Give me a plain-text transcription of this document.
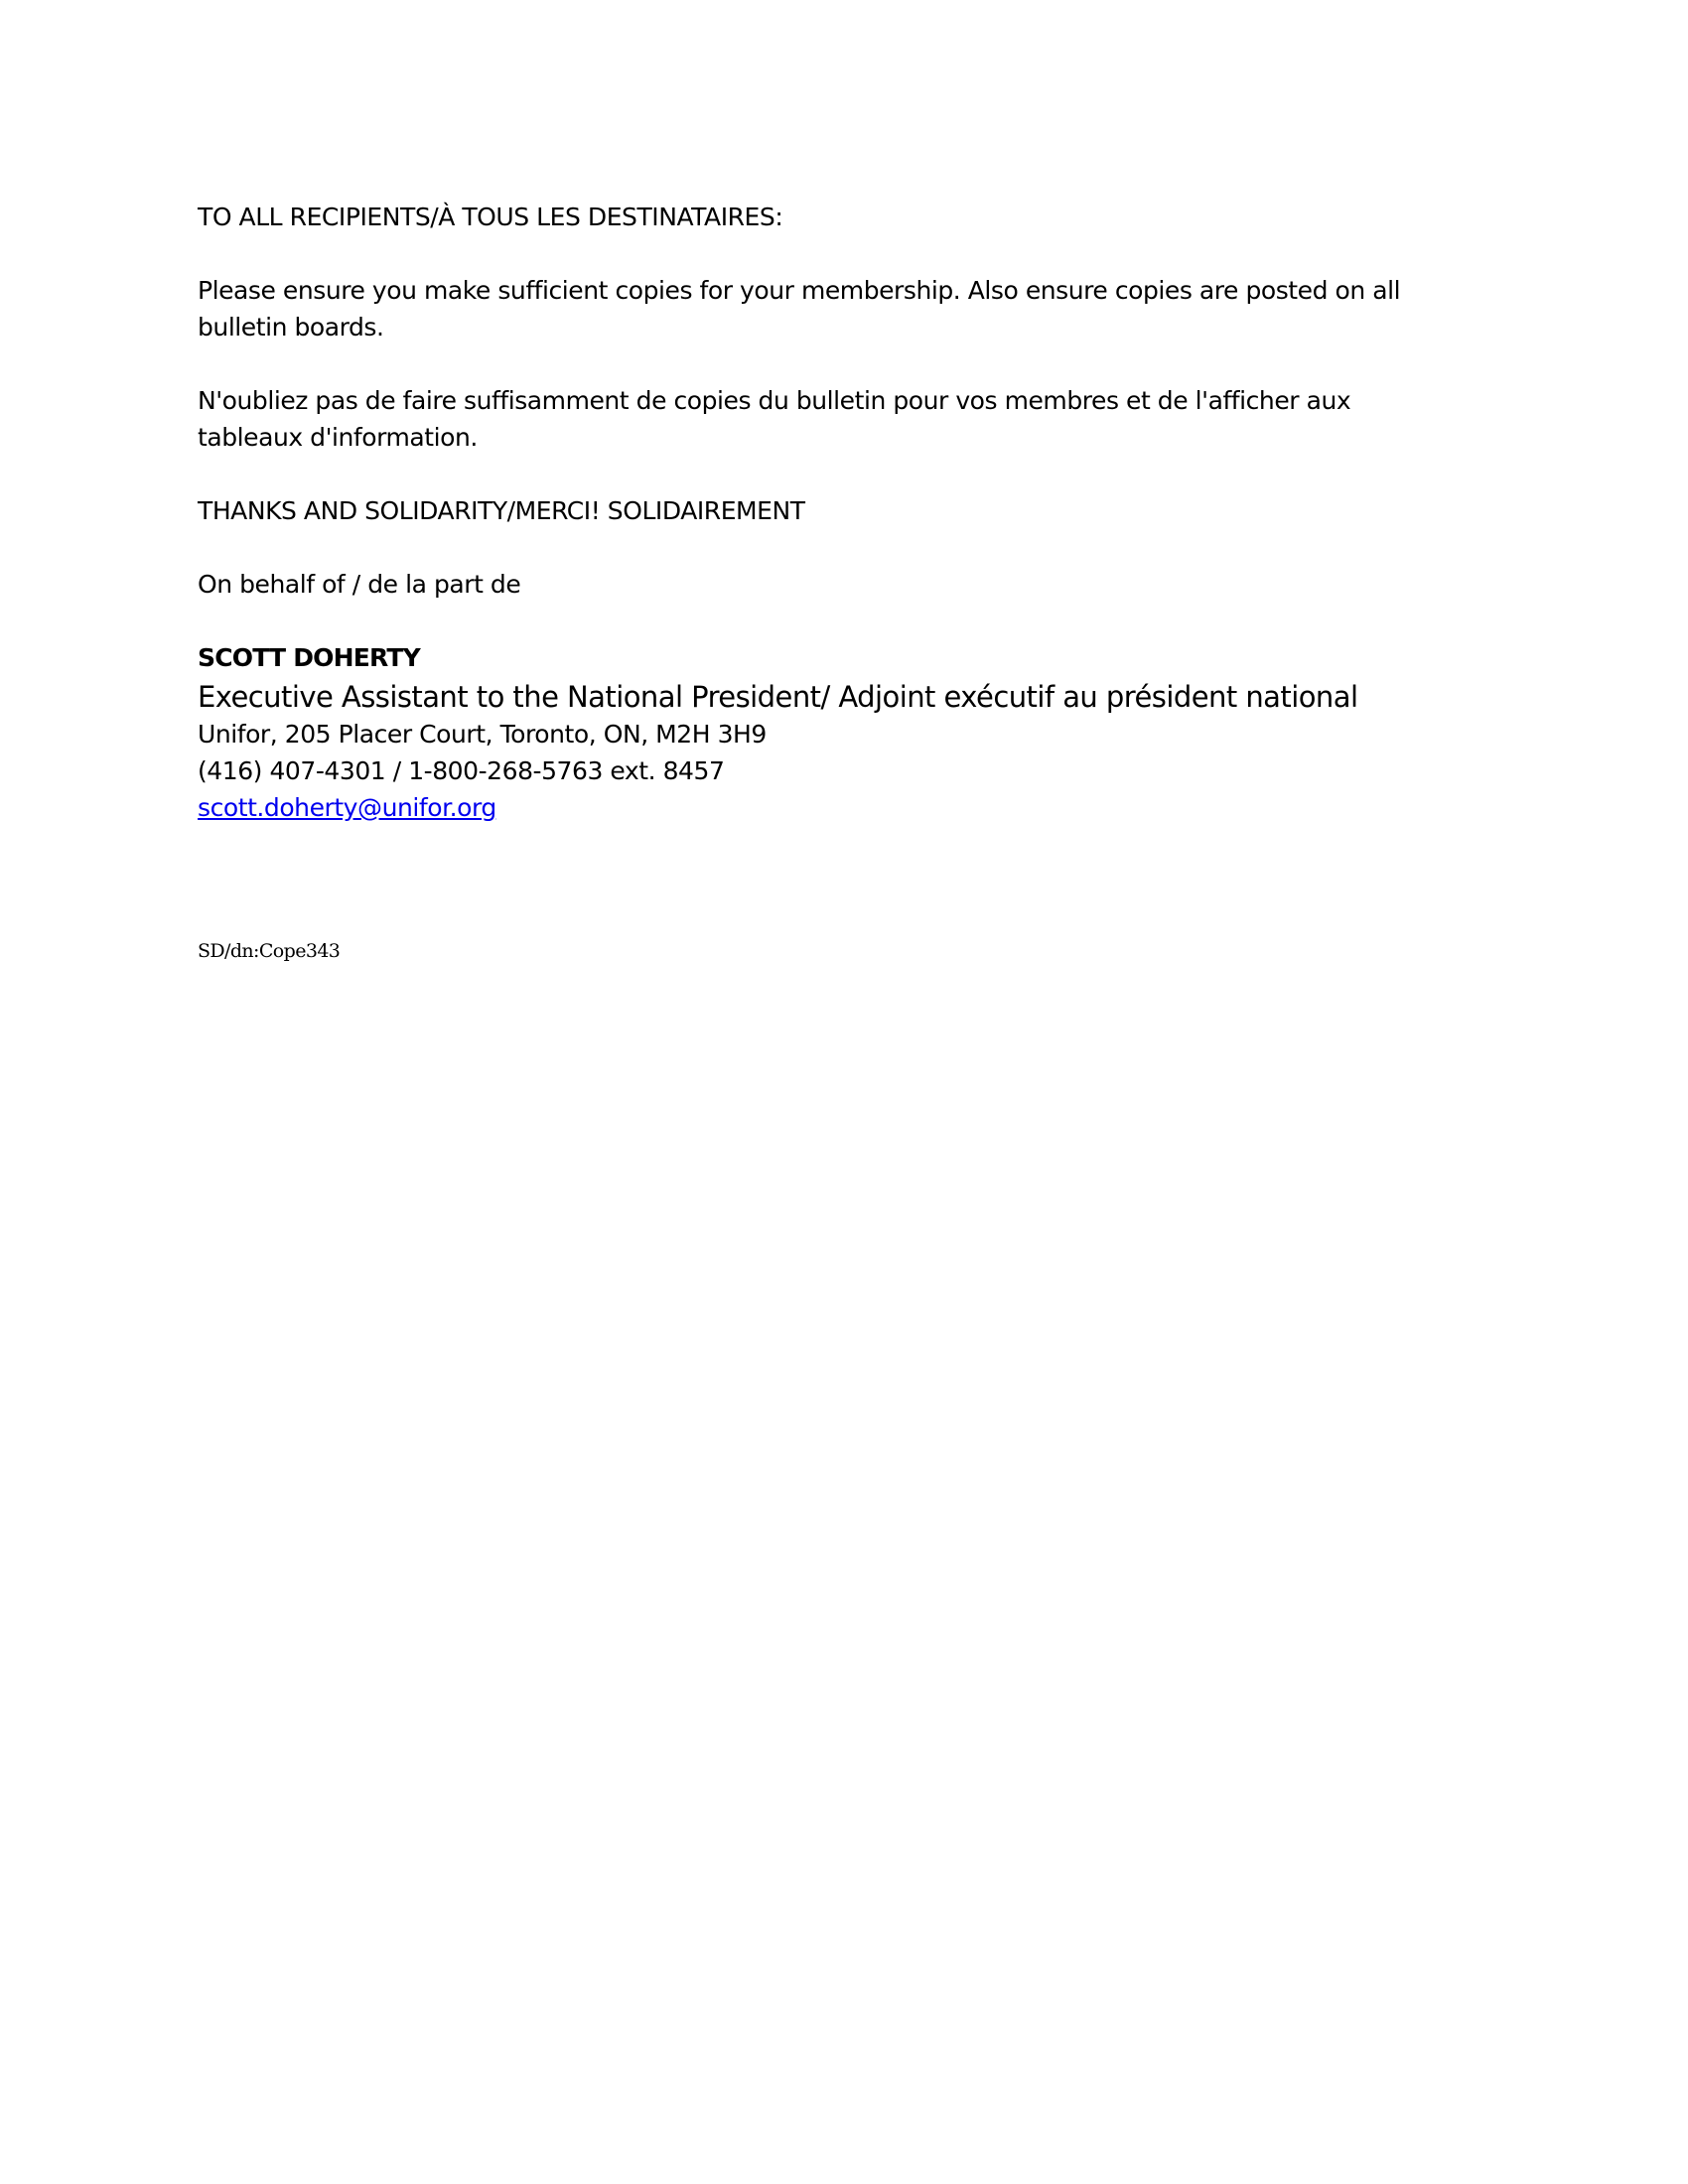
TO ALL RECIPIENTS/À TOUS LES DESTINATAIRES:

Please ensure you make sufficient copies for your membership. Also ensure copies are posted on all

bulletin boards.

N'oubliez pas de faire suffisamment de copies du bulletin pour vos membres et de l'afficher aux

tableaux d'information.

THANKS AND SOLIDARITY/MERCI! SOLIDAIREMENT

On behalf of / de la part de

SCOTT DOHERTY

Executive Assistant to the National President/ Adjoint exécutif au président national

Unifor, 205 Placer Court, Toronto, ON, M2H 3H9

(416) 407-4301 / 1-800-268-5763 ext. 8457

scott.doherty@unifor.org

SD/dn:Cope343
